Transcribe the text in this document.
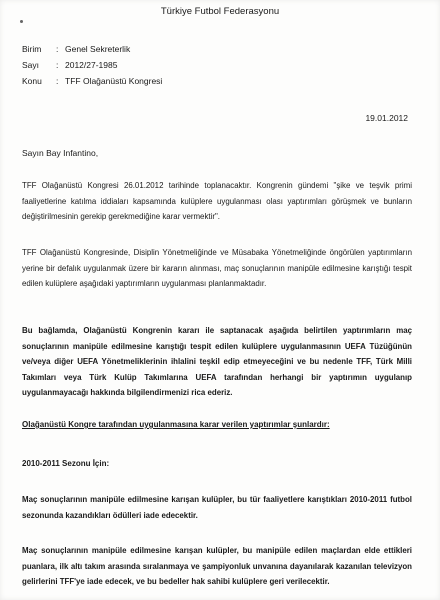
Türkiye Futbol Federasyonu
Birim	: Genel Sekreterlik
Sayı	: 2012/27-1985
Konu	: TFF Olağanüstü Kongresi
19.01.2012
Sayın Bay Infantino,
TFF Olağanüstü Kongresi 26.01.2012 tarihinde toplanacaktır. Kongrenin gündemi "şike ve teşvik primi faaliyetlerine katılma iddiaları kapsamında kulüplere uygulanması olası yaptırımları görüşmek ve bunların değiştirilmesinin gerekip gerekmediğine karar vermektir".
TFF Olağanüstü Kongresinde, Disiplin Yönetmeliğinde ve Müsabaka Yönetmeliğinde öngörülen yaptırımların yerine bir defalık uygulanmak üzere bir kararın alınması, maç sonuçlarının manipüle edilmesine karıştığı tespit edilen kulüplere aşağıdaki yaptırımların uygulanması planlanmaktadır.
Bu bağlamda, Olağanüstü Kongrenin kararı ile saptanacak aşağıda belirtilen yaptırımların maç sonuçlarının manipüle edilmesine karıştığı tespit edilen kulüplere uygulanmasının UEFA Tüzüğünün ve/veya diğer UEFA Yönetmeliklerinin ihlalini teşkil edip etmeyeceğini ve bu nedenle TFF, Türk Milli Takımları veya Türk Kulüp Takımlarına UEFA tarafından herhangi bir yaptırımın uygulanıp uygulanmayacağı hakkında bilgilendirmenizi rica ederiz.
Olağanüstü Kongre tarafından uygulanmasına karar verilen yaptırımlar şunlardır:
2010-2011 Sezonu İçin:
Maç sonuçlarının manipüle edilmesine karışan kulüpler, bu tür faaliyetlere karıştıkları 2010-2011 futbol sezonunda kazandıkları ödülleri iade edecektir.
Maç sonuçlarının manipüle edilmesine karışan kulüpler, bu manipüle edilen maçlardan elde ettikleri puanlara, ilk altı takım arasında sıralanmaya ve şampiyonluk unvanına dayanılarak kazanılan televizyon gelirlerini TFF'ye iade edecek, ve bu bedeller hak sahibi kulüplere geri verilecektir.
